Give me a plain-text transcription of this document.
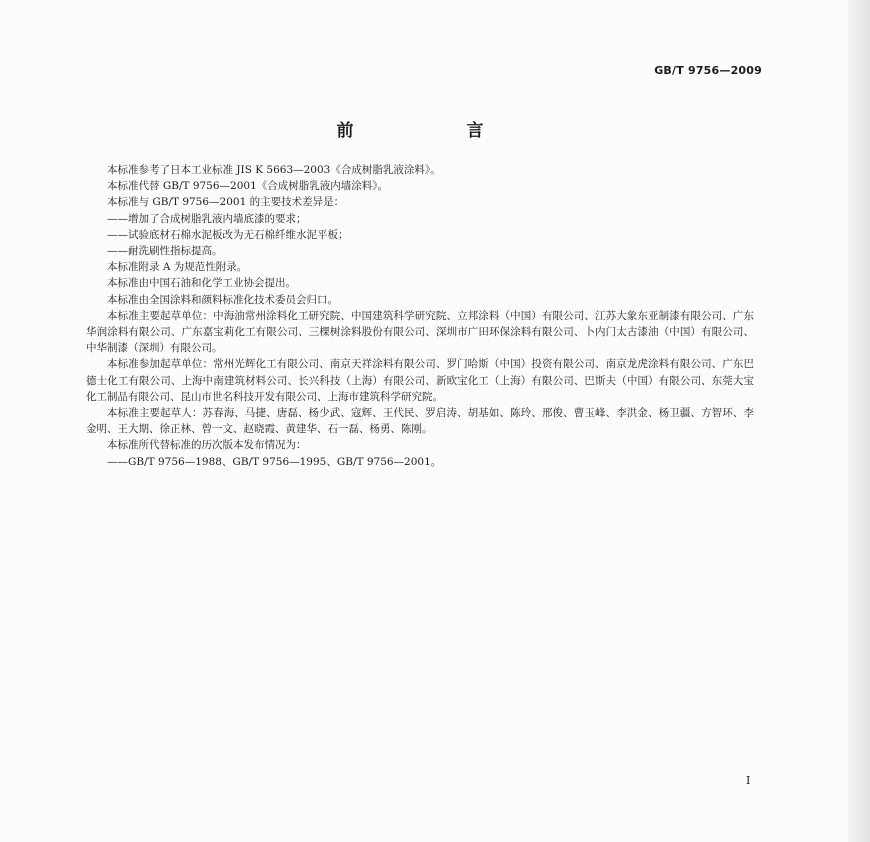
GB/T 9756—2009
前　言

本标准参考了日本工业标准 JIS K 5663—2003《合成树脂乳液涂料》。

本标准代替 GB/T 9756—2001《合成树脂乳液内墙涂料》。

本标准与 GB/T 9756—2001 的主要技术差异是：

——增加了合成树脂乳液内墙底漆的要求；

——试验底材石棉水泥板改为无石棉纤维水泥平板；

——耐洗刷性指标提高。

本标准附录 A 为规范性附录。

本标准由中国石油和化学工业协会提出。

本标准由全国涂料和颜料标准化技术委员会归口。

本标准主要起草单位：中海油常州涂料化工研究院、中国建筑科学研究院、立邦涂料（中国）有限公司、江苏大象东亚制漆有限公司、广东华润涂料有限公司、广东嘉宝莉化工有限公司、三棵树涂料股份有限公司、深圳市广田环保涂料有限公司、卜内门太古漆油（中国）有限公司、中华制漆（深圳）有限公司。

本标准参加起草单位：常州光辉化工有限公司、南京天祥涂料有限公司、罗门哈斯（中国）投资有限公司、南京龙虎涂料有限公司、广东巴德士化工有限公司、上海中南建筑材料公司、长兴科技（上海）有限公司、新欧宝化工（上海）有限公司、巴斯夫（中国）有限公司、东莞大宝化工制品有限公司、昆山市世名科技开发有限公司、上海市建筑科学研究院。

本标准主要起草人：苏春海、马捷、唐磊、杨少武、寇辉、王代民、罗启涛、胡基如、陈玲、邢俊、曹玉峰、李洪金、杨卫疆、方智环、李金明、王大期、徐正林、曾一文、赵晓霞、黄建华、石一磊、杨勇、陈刚。

本标准所代替标准的历次版本发布情况为：

——GB/T 9756—1988、GB/T 9756—1995、GB/T 9756—2001。

I
